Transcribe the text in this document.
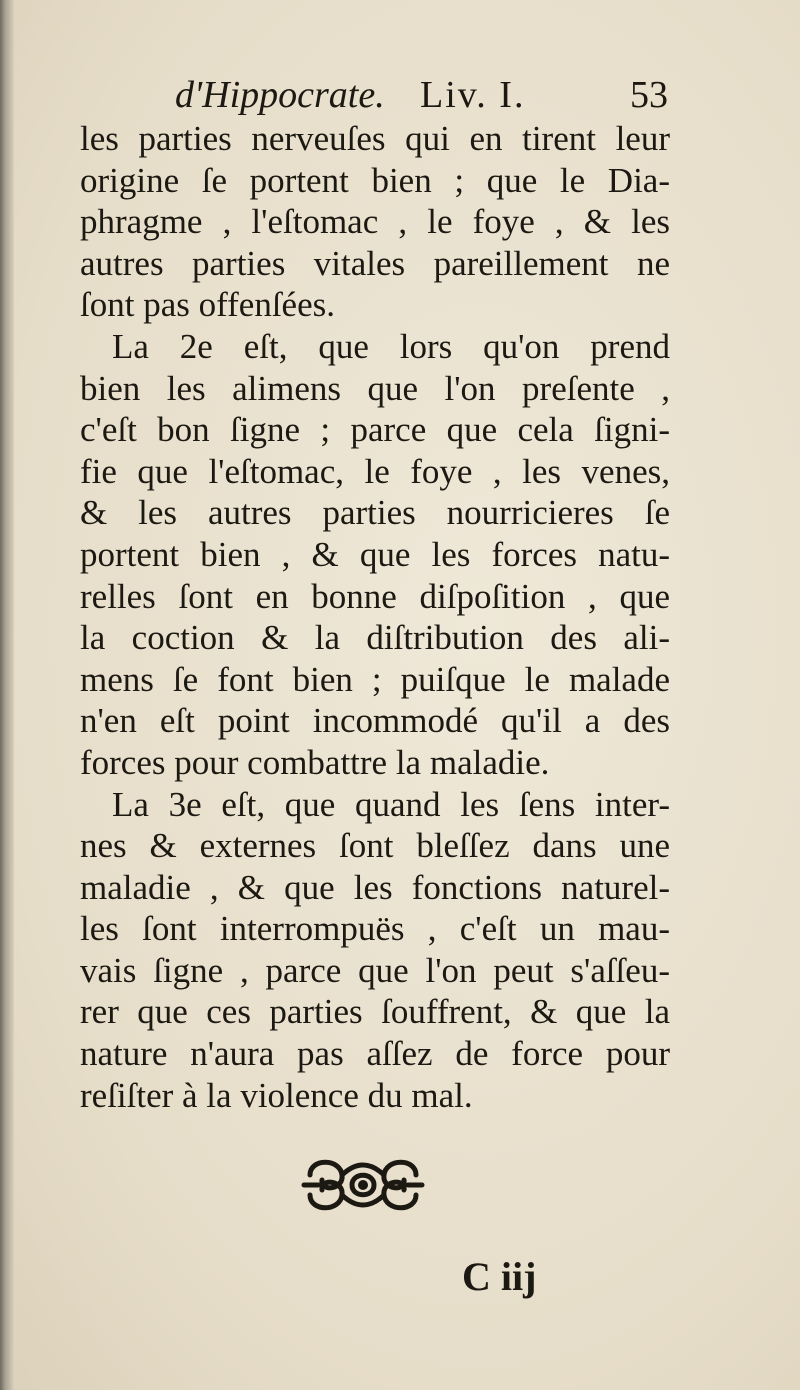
d'Hippocrate. Liv. I.	53
les parties nerveuſes qui en tirent leur
origine ſe portent bien ; que le Dia-
phragme , l'eſtomac , le foye , & les
autres parties vitales pareillement ne
ſont pas offenſées.
La 2e eſt, que lors qu'on prend
bien les alimens que l'on preſente ,
c'eſt bon ſigne ; parce que cela ſigni-
fie que l'eſtomac, le foye , les venes,
& les autres parties nourricieres ſe
portent bien , & que les forces natu-
relles ſont en bonne diſpoſition , que
la coction & la diſtribution des ali-
mens ſe font bien ; puiſque le malade
n'en eſt point incommodé qu'il a des
forces pour combattre la maladie.
La 3e eſt, que quand les ſens inter-
nes & externes ſont bleſſez dans une
maladie , & que les fonctions naturel-
les ſont interrompuës , c'eſt un mau-
vais ſigne , parce que l'on peut s'aſſeu-
rer que ces parties ſouffrent, & que la
nature n'aura pas aſſez de force pour
reſiſter à la violence du mal.
C iij
